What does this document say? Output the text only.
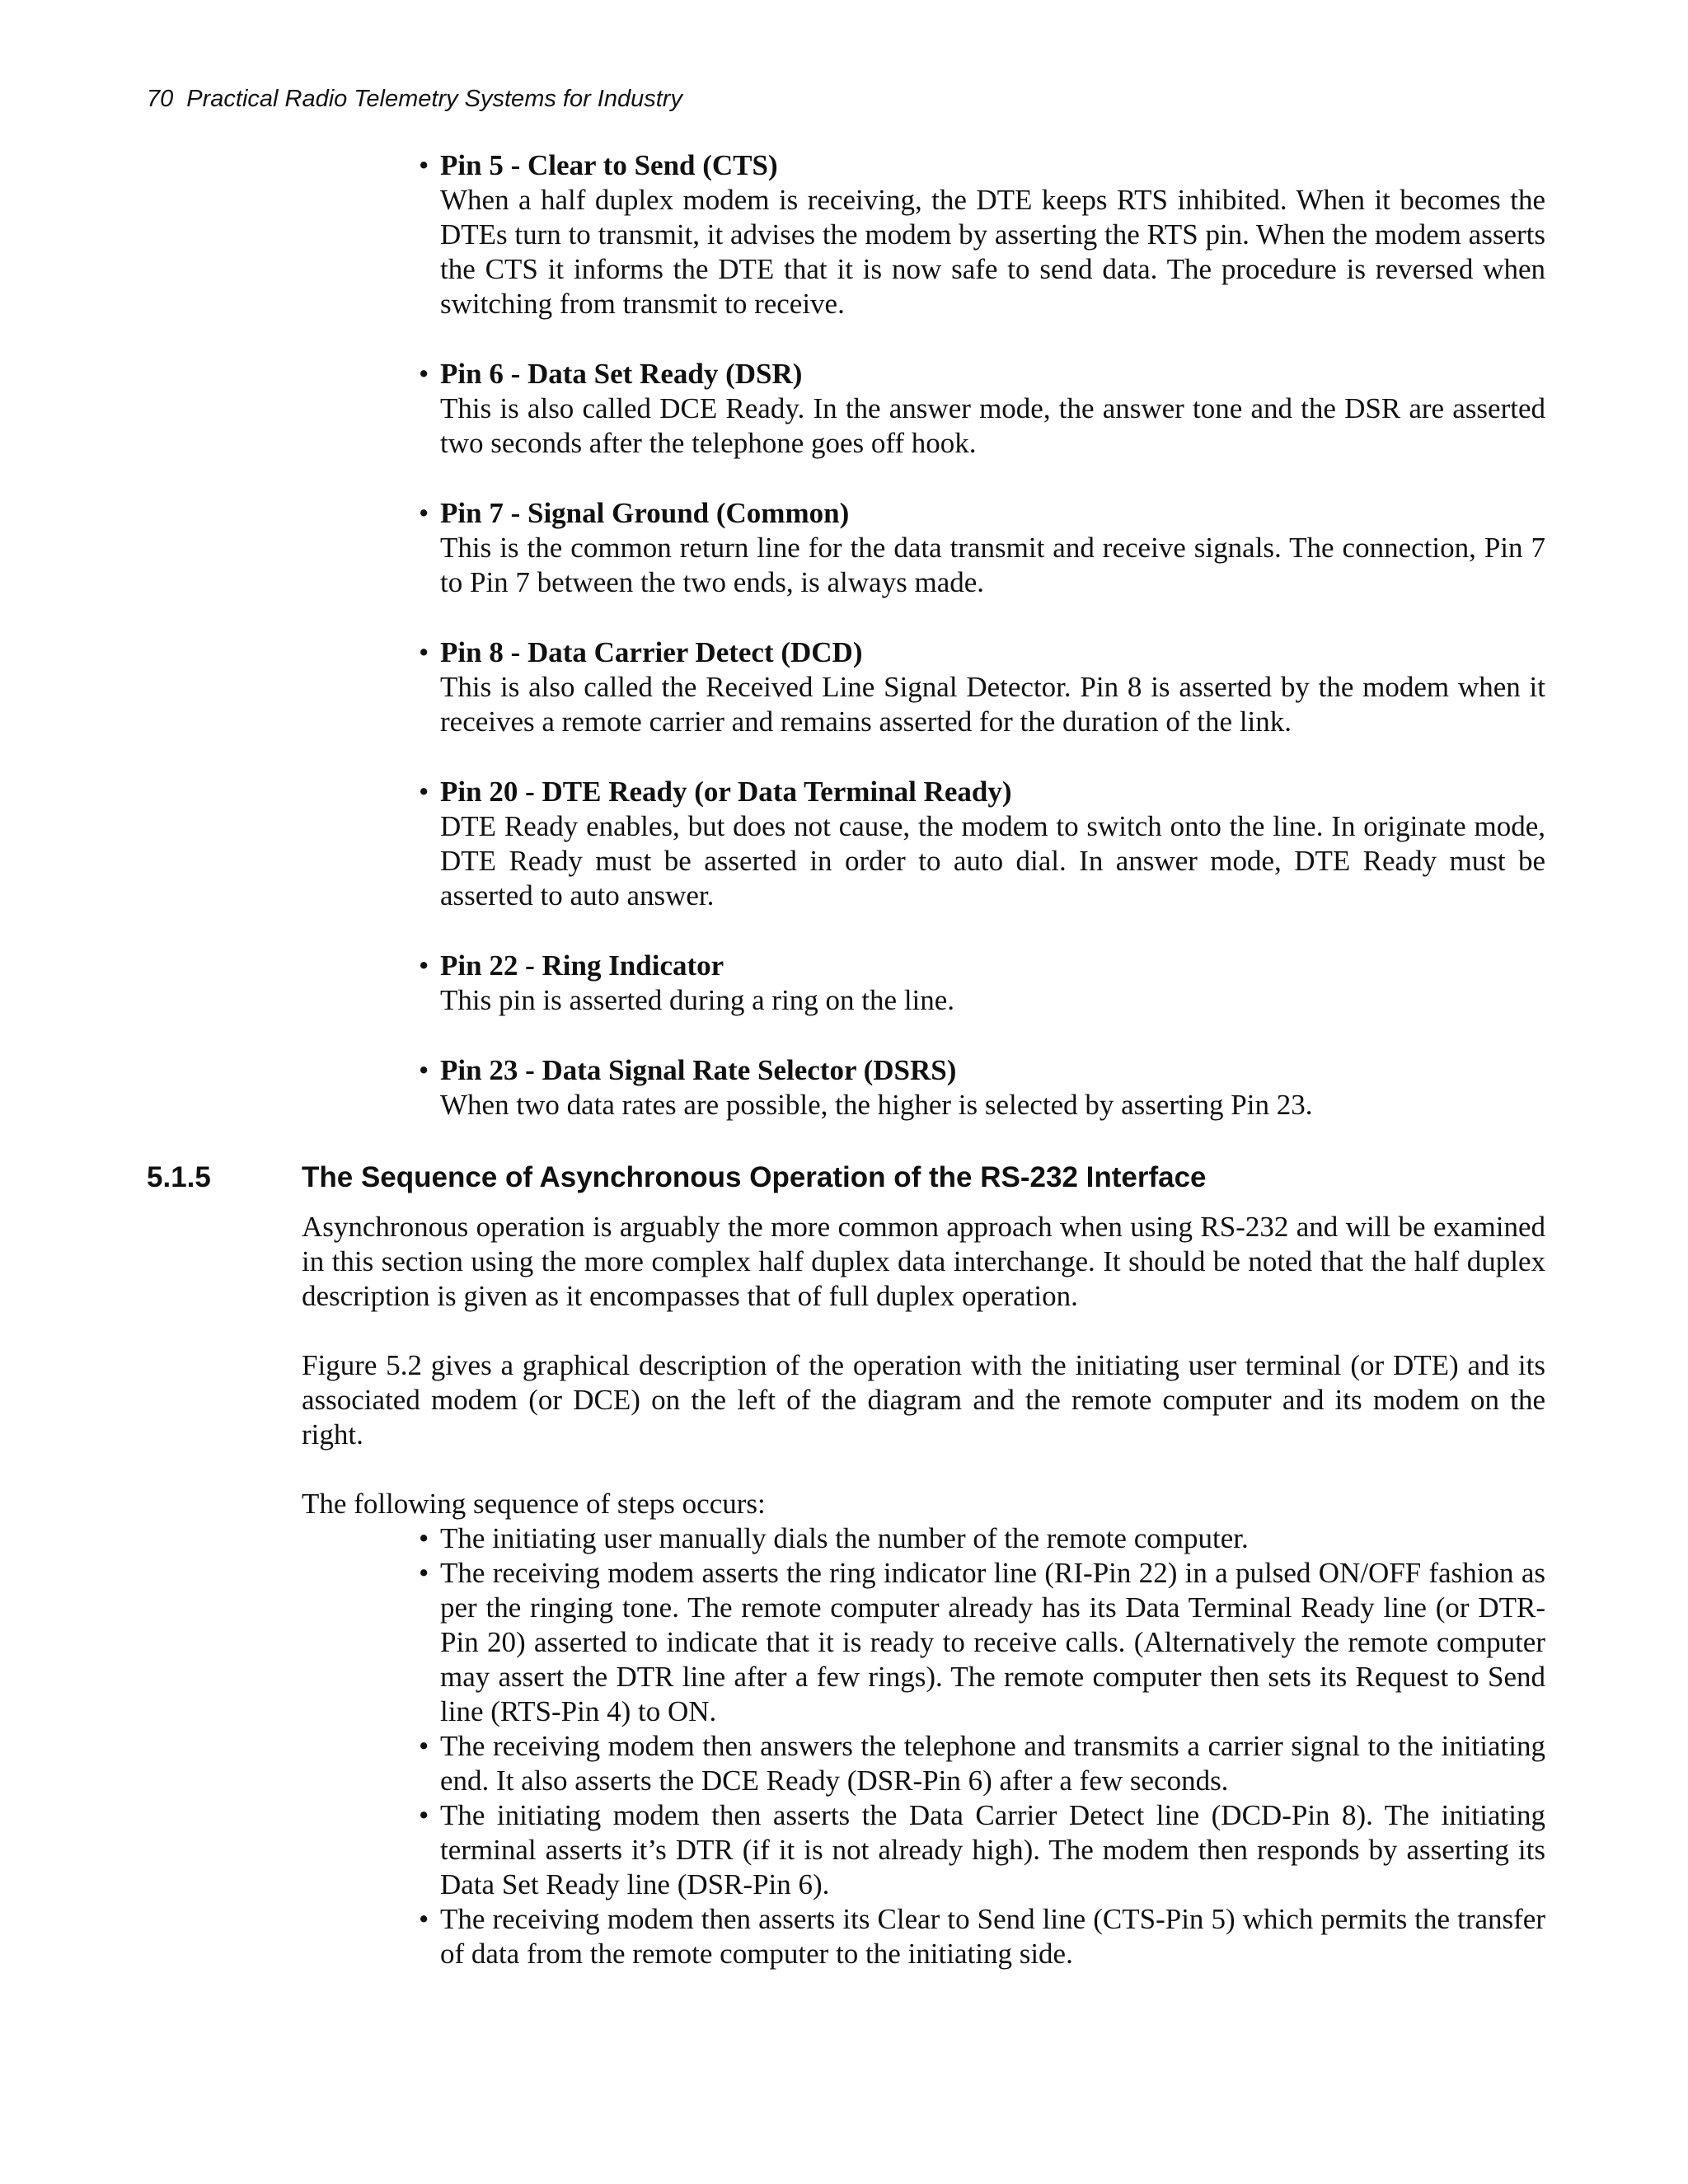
70 Practical Radio Telemetry Systems for Industry
• Pin 5 - Clear to Send (CTS)
When a half duplex modem is receiving, the DTE keeps RTS inhibited. When it becomes the DTEs turn to transmit, it advises the modem by asserting the RTS pin. When the modem asserts the CTS it informs the DTE that it is now safe to send data. The procedure is reversed when switching from transmit to receive.
• Pin 6 - Data Set Ready (DSR)
This is also called DCE Ready. In the answer mode, the answer tone and the DSR are asserted two seconds after the telephone goes off hook.
• Pin 7 - Signal Ground (Common)
This is the common return line for the data transmit and receive signals. The connection, Pin 7 to Pin 7 between the two ends, is always made.
• Pin 8 - Data Carrier Detect (DCD)
This is also called the Received Line Signal Detector. Pin 8 is asserted by the modem when it receives a remote carrier and remains asserted for the duration of the link.
• Pin 20 - DTE Ready (or Data Terminal Ready)
DTE Ready enables, but does not cause, the modem to switch onto the line. In originate mode, DTE Ready must be asserted in order to auto dial. In answer mode, DTE Ready must be asserted to auto answer.
• Pin 22 - Ring Indicator
This pin is asserted during a ring on the line.
• Pin 23 - Data Signal Rate Selector (DSRS)
When two data rates are possible, the higher is selected by asserting Pin 23.
5.1.5	The Sequence of Asynchronous Operation of the RS-232 Interface

Asynchronous operation is arguably the more common approach when using RS-232 and will be examined in this section using the more complex half duplex data interchange. It should be noted that the half duplex description is given as it encompasses that of full duplex operation.

Figure 5.2 gives a graphical description of the operation with the initiating user terminal (or DTE) and its associated modem (or DCE) on the left of the diagram and the remote computer and its modem on the right.

The following sequence of steps occurs:

• The initiating user manually dials the number of the remote computer.
• The receiving modem asserts the ring indicator line (RI-Pin 22) in a pulsed ON/OFF fashion as per the ringing tone. The remote computer already has its Data Terminal Ready line (or DTR-Pin 20) asserted to indicate that it is ready to receive calls. (Alternatively the remote computer may assert the DTR line after a few rings). The remote computer then sets its Request to Send line (RTS-Pin 4) to ON.
• The receiving modem then answers the telephone and transmits a carrier signal to the initiating end. It also asserts the DCE Ready (DSR-Pin 6) after a few seconds.
• The initiating modem then asserts the Data Carrier Detect line (DCD-Pin 8). The initiating terminal asserts it’s DTR (if it is not already high). The modem then responds by asserting its Data Set Ready line (DSR-Pin 6).
• The receiving modem then asserts its Clear to Send line (CTS-Pin 5) which permits the transfer of data from the remote computer to the initiating side.
